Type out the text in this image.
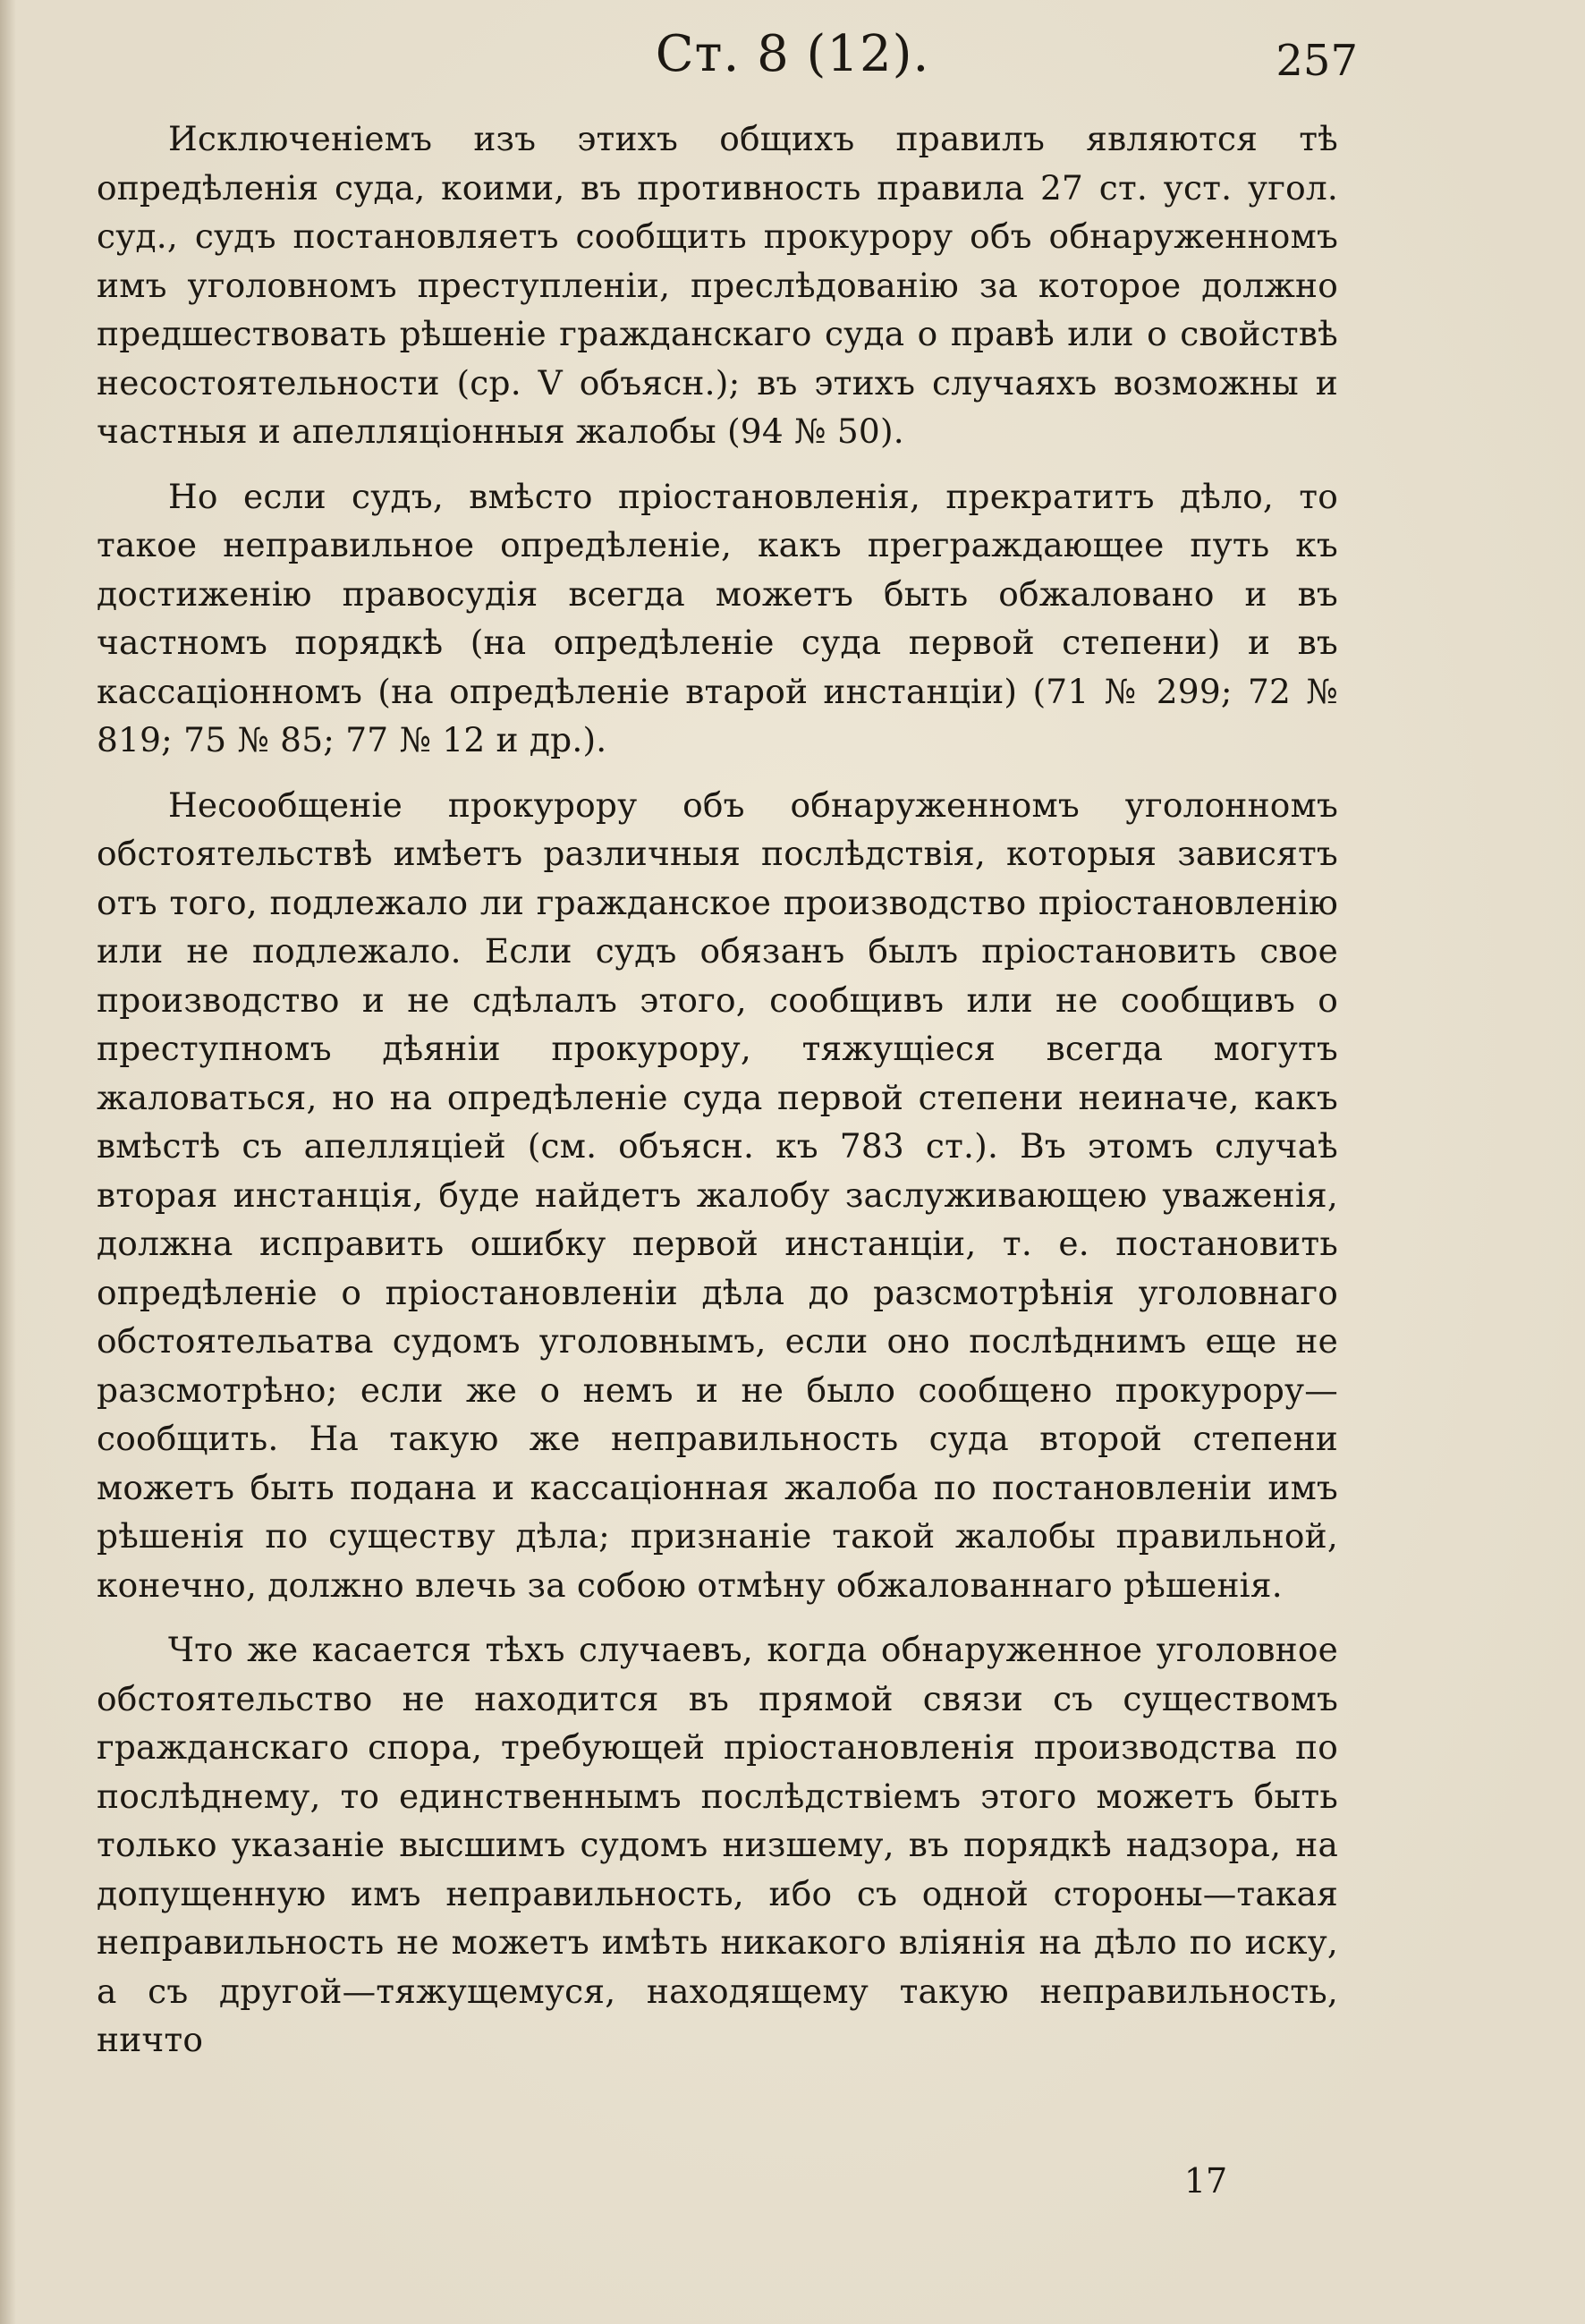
Ст. 8 (12).	257

Исключеніемъ изъ этихъ общихъ правилъ являются тѣ опредѣленія суда, коими, въ противность правила 27 ст. уст. угол. суд., судъ постановляетъ сообщить прокурору объ обнаруженномъ имъ уголовномъ преступленіи, преслѣдованію за которое должно предшествовать рѣшеніе гражданскаго суда о правѣ или о свойствѣ несостоятельности (ср. V объясн.); въ этихъ случаяхъ возможны и частныя и апелляціонныя жалобы (94 № 50).

Но если судъ, вмѣсто пріостановленія, прекратитъ дѣло, то такое неправильное опредѣленіе, какъ преграждающее путь къ достиженію правосудія всегда можетъ быть обжаловано и въ частномъ порядкѣ (на опредѣленіе суда первой степени) и въ кассаціонномъ (на опредѣленіе втарой инстанціи) (71 № 299; 72 № 819; 75 № 85; 77 № 12 и др.).

Несообщеніе прокурору объ обнаруженномъ уголонномъ обстоятельствѣ имѣетъ различныя послѣдствія, которыя зависятъ отъ того, подлежало ли гражданское производство пріостановленію или не подлежало. Если судъ обязанъ былъ пріостановить свое производство и не сдѣлалъ этого, сообщивъ или не сообщивъ о преступномъ дѣяніи прокурору, тяжущіеся всегда могутъ жаловаться, но на опредѣленіе суда первой степени неиначе, какъ вмѣстѣ съ апелляціей (см. объясн. къ 783 ст.). Въ этомъ случаѣ вторая инстанція, буде найдетъ жалобу заслуживающею уваженія, должна исправить ошибку первой инстанціи, т. е. постановить опредѣленіе о пріостановленіи дѣла до разсмотрѣнія уголовнаго обстоятельатва судомъ уголовнымъ, если оно послѣднимъ еще не разсмотрѣно; если же о немъ и не было сообщено прокурору—сообщить. На такую же неправильность суда второй степени можетъ быть подана и кассаціонная жалоба по постановленіи имъ рѣшенія по существу дѣла; признаніе такой жалобы правильной, конечно, должно влечь за собою отмѣну обжалованнаго рѣшенія.

Что же касается тѣхъ случаевъ, когда обнаруженное уголовное обстоятельство не находится въ прямой связи съ существомъ гражданскаго спора, требующей пріостановленія производства по послѣднему, то единственнымъ послѣдствіемъ этого можетъ быть только указаніе высшимъ судомъ низшему, въ порядкѣ надзора, на допущенную имъ неправильность, ибо съ одной стороны—такая неправильность не можетъ имѣть никакого вліянія на дѣло по иску, а съ другой—тяжущемуся, находящему такую неправильность, ничто

17
